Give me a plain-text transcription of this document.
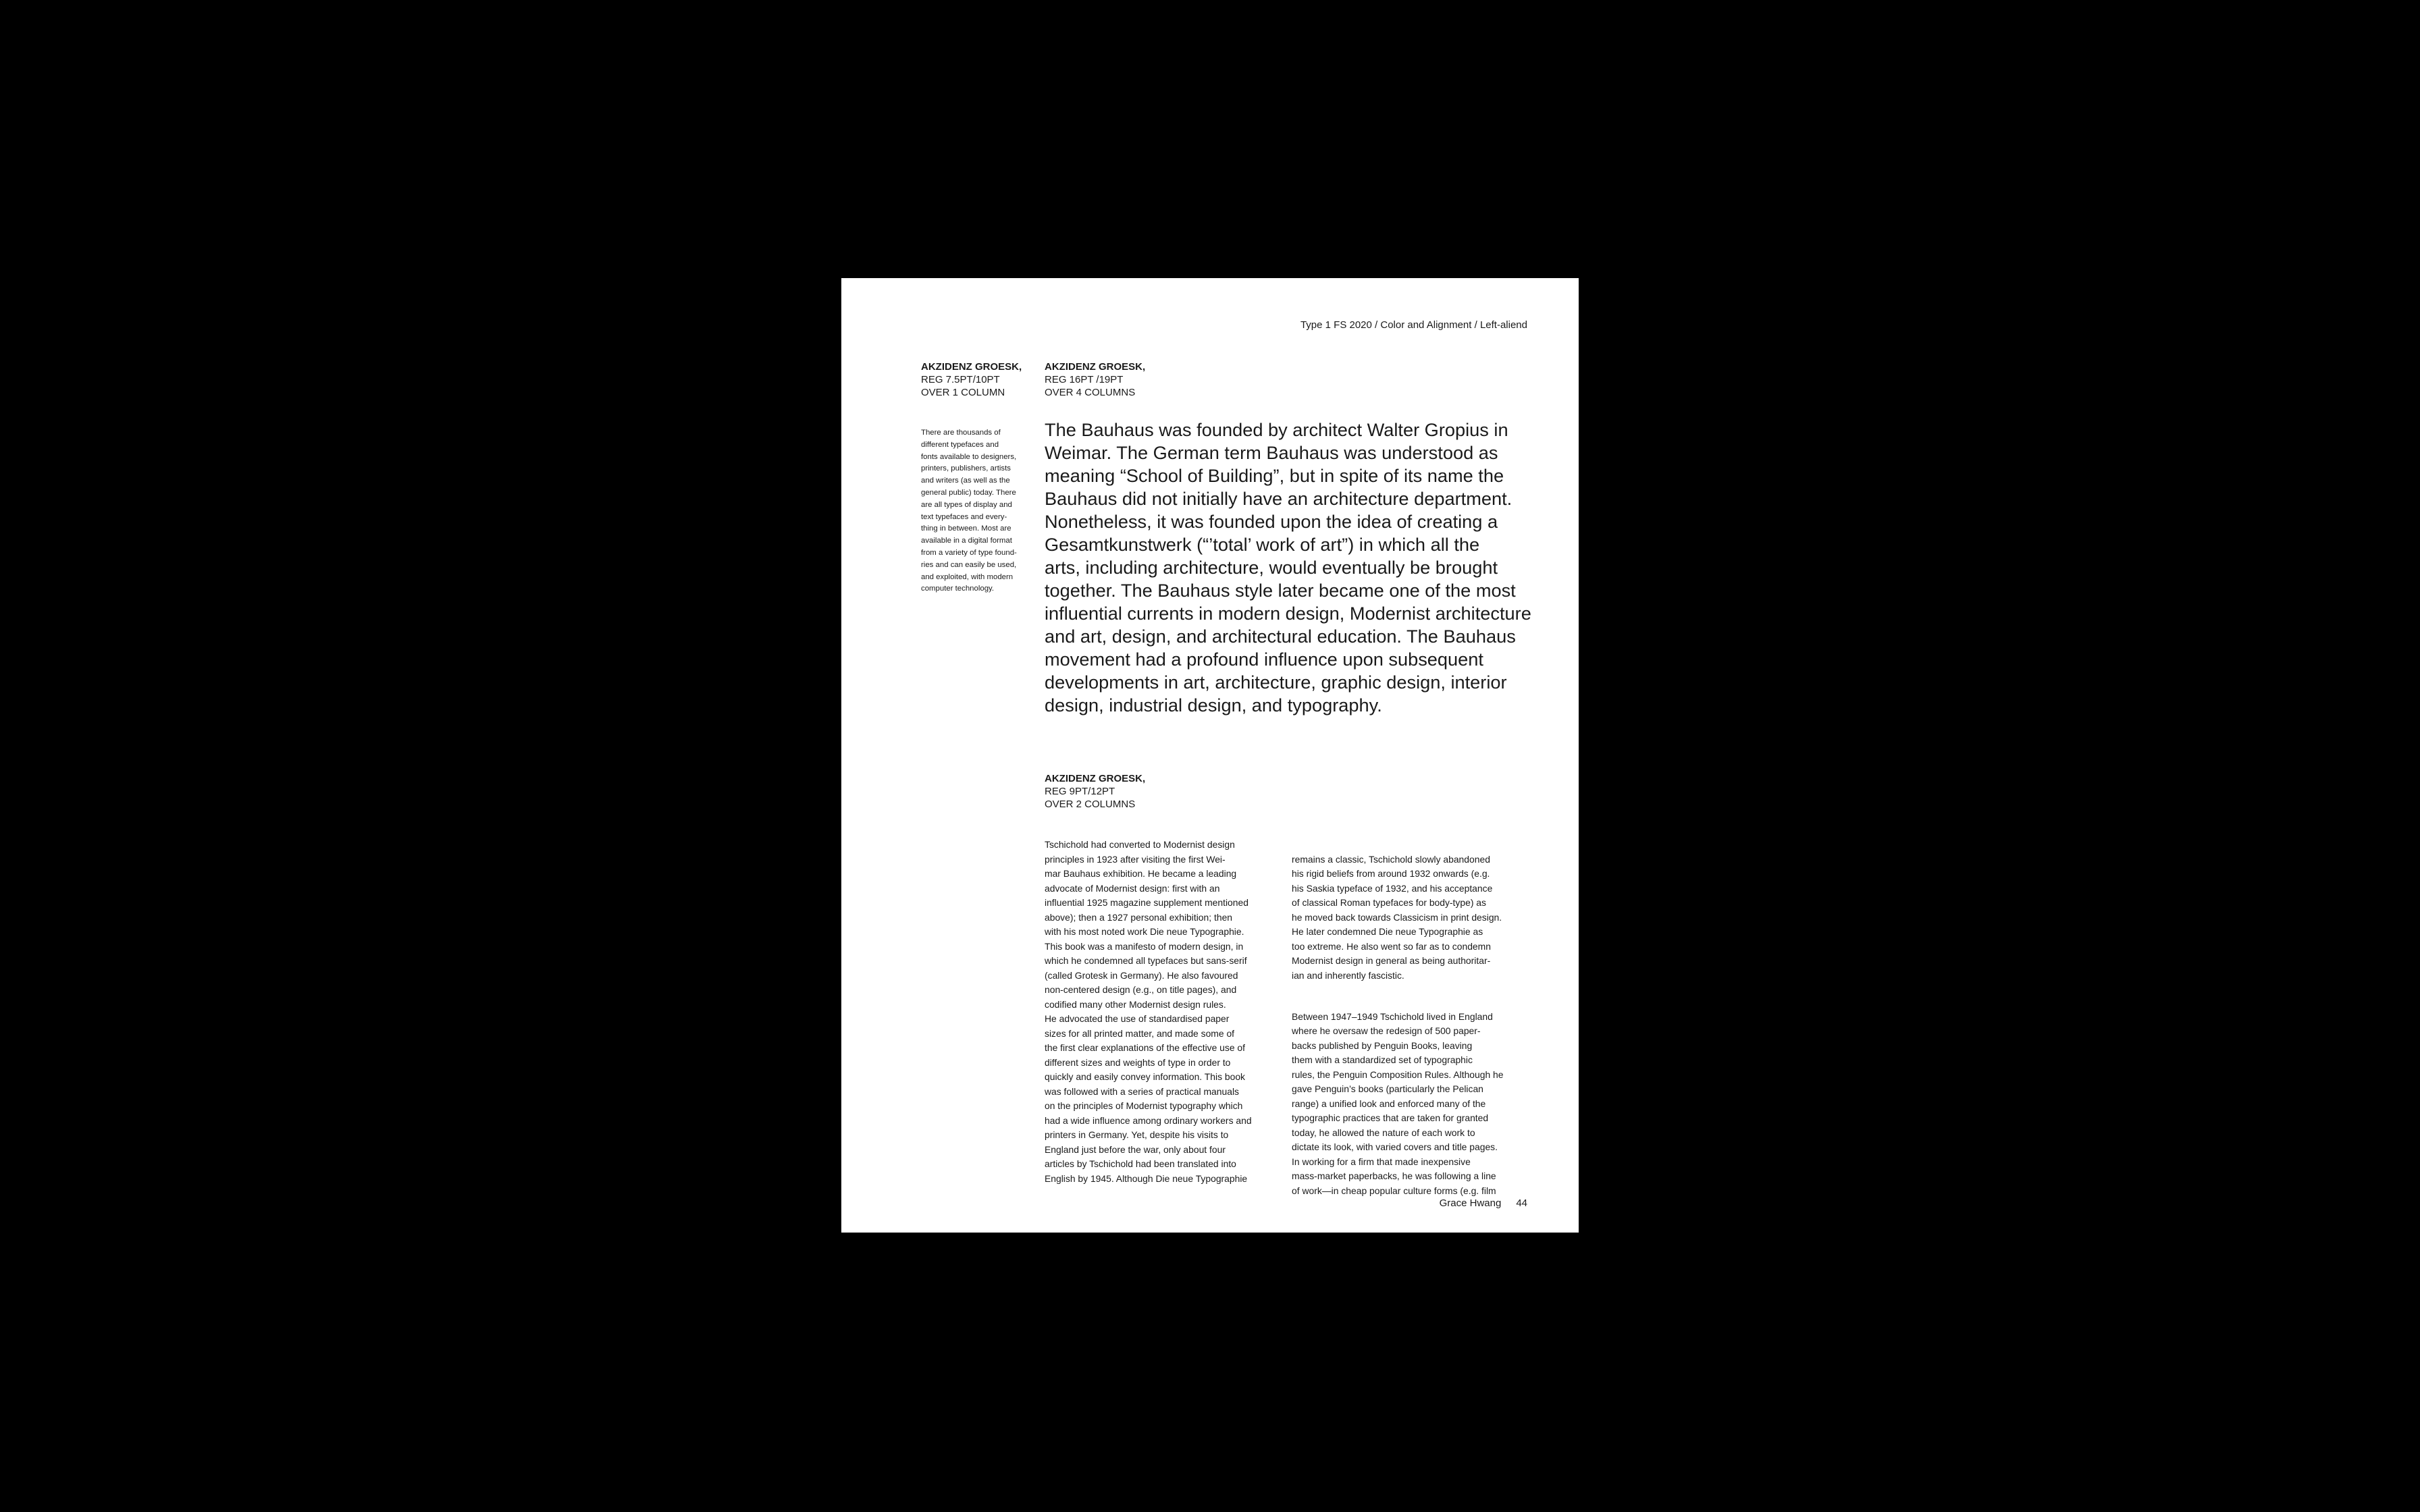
Type 1 FS 2020 / Color and Alignment / Left-aliend
AKZIDENZ GROESK,
REG 7.5PT/10PT
OVER 1 COLUMN
AKZIDENZ GROESK,
REG 16PT /19PT
OVER 4 COLUMNS
There are thousands of
different typefaces and
fonts available to designers,
printers, publishers, artists
and writers (as well as the
general public) today. There
are all types of display and
text typefaces and every-
thing in between. Most are
available in a digital format
from a variety of type found-
ries and can easily be used,
and exploited, with modern
computer technology.
The Bauhaus was founded by architect Walter Gropius in
Weimar. The German term Bauhaus was understood as
meaning “School of Building”, but in spite of its name the
Bauhaus did not initially have an architecture department.
Nonetheless, it was founded upon the idea of creating a
Gesamtkunstwerk (“’total’ work of art”) in which all the
arts, including architecture, would eventually be brought
together. The Bauhaus style later became one of the most
influential currents in modern design, Modernist architecture
and art, design, and architectural education. The Bauhaus
movement had a profound influence upon subsequent
developments in art, architecture, graphic design, interior
design, industrial design, and typography.
AKZIDENZ GROESK,
REG 9PT/12PT
OVER 2 COLUMNS
Tschichold had converted to Modernist design
principles in 1923 after visiting the first Wei-
mar Bauhaus exhibition. He became a leading
advocate of Modernist design: first with an
influential 1925 magazine supplement mentioned
above); then a 1927 personal exhibition; then
with his most noted work Die neue Typographie.
This book was a manifesto of modern design, in
which he condemned all typefaces but sans-serif
(called Grotesk in Germany). He also favoured
non-centered design (e.g., on title pages), and
codified many other Modernist design rules.
He advocated the use of standardised paper
sizes for all printed matter, and made some of
the first clear explanations of the effective use of
different sizes and weights of type in order to
quickly and easily convey information. This book
was followed with a series of practical manuals
on the principles of Modernist typography which
had a wide influence among ordinary workers and
printers in Germany. Yet, despite his visits to
England just before the war, only about four
articles by Tschichold had been translated into
English by 1945. Although Die neue Typographie

remains a classic, Tschichold slowly abandoned
his rigid beliefs from around 1932 onwards (e.g.
his Saskia typeface of 1932, and his acceptance
of classical Roman typefaces for body-type) as
he moved back towards Classicism in print design.
He later condemned Die neue Typographie as
too extreme. He also went so far as to condemn
Modernist design in general as being authoritar-
ian and inherently fascistic.

Between 1947–1949 Tschichold lived in England
where he oversaw the redesign of 500 paper-
backs published by Penguin Books, leaving
them with a standardized set of typographic
rules, the Penguin Composition Rules. Although he
gave Penguin’s books (particularly the Pelican
range) a unified look and enforced many of the
typographic practices that are taken for granted
today, he allowed the nature of each work to
dictate its look, with varied covers and title pages.
In working for a firm that made inexpensive
mass-market paperbacks, he was following a line
of work—in cheap popular culture forms (e.g. film

Grace Hwang 44
